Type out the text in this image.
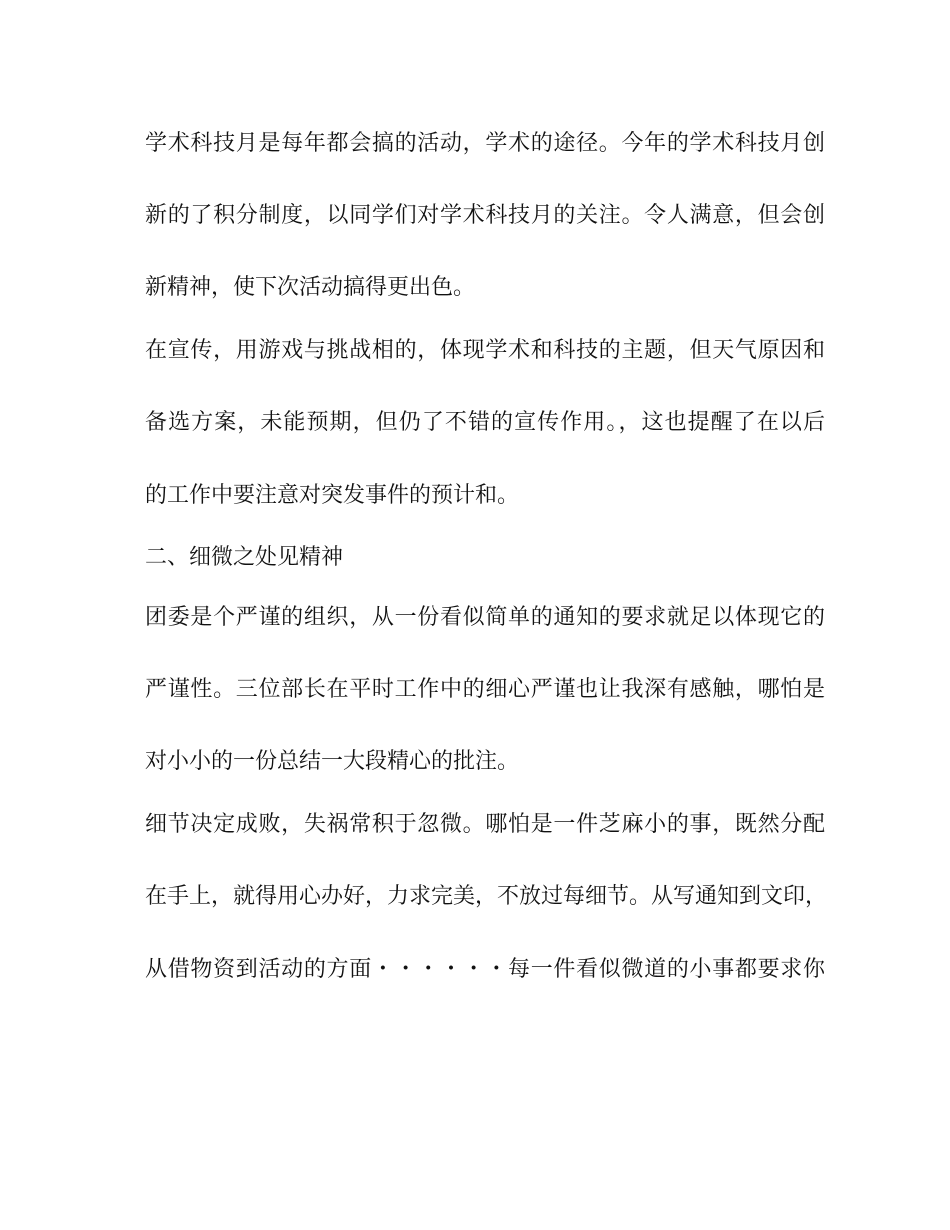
学术科技月是每年都会搞的活动，学术的途径。今年的学术科技月创

新的了积分制度，以同学们对学术科技月的关注。令人满意，但会创

新精神，使下次活动搞得更出色。

在宣传，用游戏与挑战相的，体现学术和科技的主题，但天气原因和

备选方案，未能预期，但仍了不错的宣传作用。，这也提醒了在以后

的工作中要注意对突发事件的预计和。

二、细微之处见精神

团委是个严谨的组织，从一份看似简单的通知的要求就足以体现它的

严谨性。三位部长在平时工作中的细心严谨也让我深有感触，哪怕是

对小小的一份总结一大段精心的批注。

细节决定成败，失祸常积于忽微。哪怕是一件芝麻小的事，既然分配

在手上，就得用心办好，力求完美，不放过每细节。从写通知到文印，

从借物资到活动的方面・・・・・・每一件看似微道的小事都要求你
